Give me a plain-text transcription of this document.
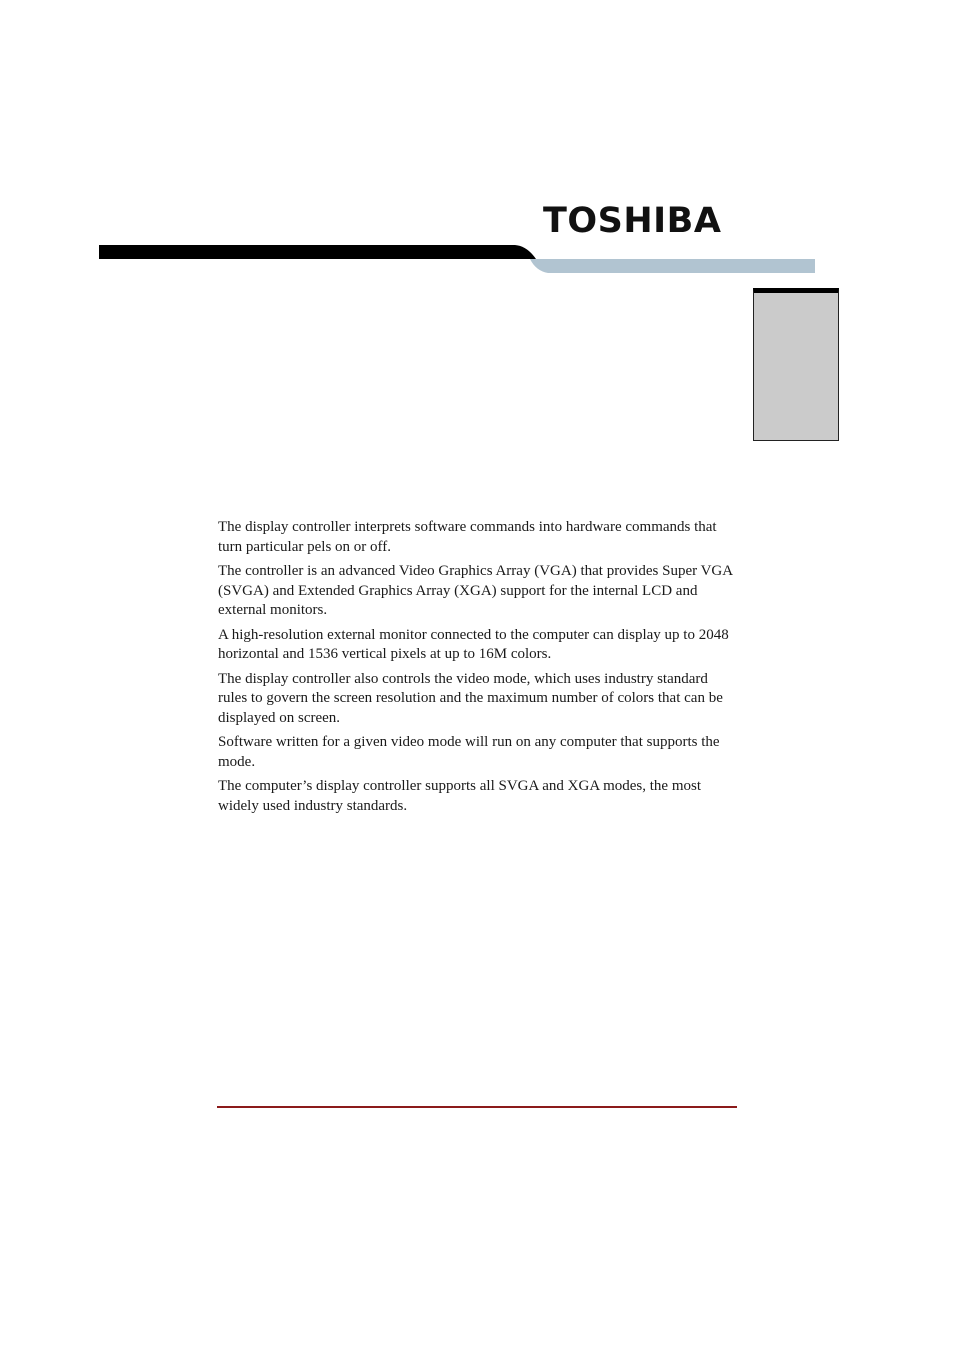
TOSHIBA

The display controller interprets software commands into hardware commands that turn particular pels on or off.

The controller is an advanced Video Graphics Array (VGA) that provides Super VGA (SVGA) and Extended Graphics Array (XGA) support for the internal LCD and external monitors.

A high-resolution external monitor connected to the computer can display up to 2048 horizontal and 1536 vertical pixels at up to 16M colors.

The display controller also controls the video mode, which uses industry standard rules to govern the screen resolution and the maximum number of colors that can be displayed on screen.

Software written for a given video mode will run on any computer that supports the mode.

The computer’s display controller supports all SVGA and XGA modes, the most widely used industry standards.
